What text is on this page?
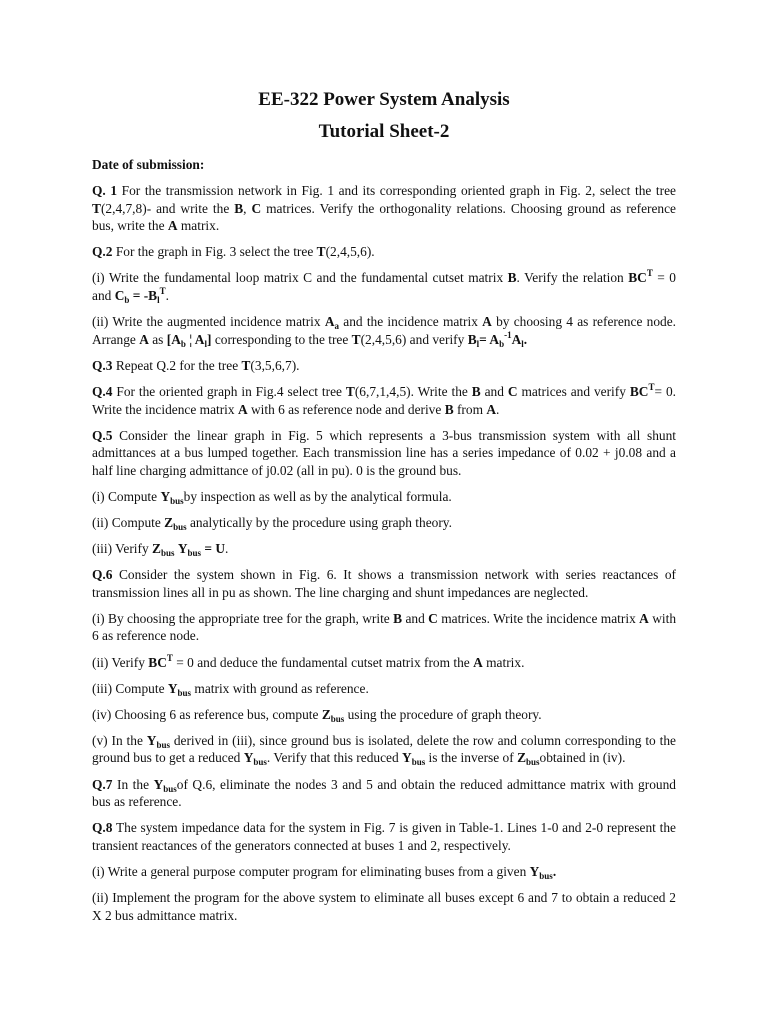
EE-322 Power System Analysis
Tutorial Sheet-2

Date of submission:

Q. 1 For the transmission network in Fig. 1 and its corresponding oriented graph in Fig. 2, select the tree T(2,4,7,8)- and write the B, C matrices. Verify the orthogonality relations. Choosing ground as reference bus, write the A matrix.

Q.2 For the graph in Fig. 3 select the tree T(2,4,5,6).

(i) Write the fundamental loop matrix C and the fundamental cutset matrix B. Verify the relation $BC^T = 0$ and $C_b = -B_l^T$.

(ii) Write the augmented incidence matrix $A_a$ and the incidence matrix A by choosing 4 as reference node. Arrange A as [$A_b$ ¦ $A_l$] corresponding to the tree T(2,4,5,6) and verify $B_l= A_b^{-1}A_l$.

Q.3 Repeat Q.2 for the tree T(3,5,6,7).

Q.4 For the oriented graph in Fig.4 select tree T(6,7,1,4,5). Write the B and C matrices and verify $BC^T= 0$. Write the incidence matrix A with 6 as reference node and derive B from A.

Q.5 Consider the linear graph in Fig. 5 which represents a 3-bus transmission system with all shunt admittances at a bus lumped together. Each transmission line has a series impedance of 0.02 + j0.08 and a half line charging admittance of j0.02 (all in pu). 0 is the ground bus.

(i) Compute $Y_{bus}by$ inspection as well as by the analytical formula.

(ii) Compute $Z_{bus}$ analytically by the procedure using graph theory.

(iii) Verify $Z_{bus}$ $Y_{bus} = U$.

Q.6 Consider the system shown in Fig. 6. It shows a transmission network with series reactances of transmission lines all in pu as shown. The line charging and shunt impedances are neglected.

(i) By choosing the appropriate tree for the graph, write B and C matrices. Write the incidence matrix A with 6 as reference node.

(ii) Verify $BC^T = 0$ and deduce the fundamental cutset matrix from the A matrix.

(iii) Compute $Y_{bus}$ matrix with ground as reference.

(iv) Choosing 6 as reference bus, compute $Z_{bus}$ using the procedure of graph theory.

(v) In the $Y_{bus}$ derived in (iii), since ground bus is isolated, delete the row and column corresponding to the ground bus to get a reduced $Y_{bus}$. Verify that this reduced $Y_{bus}$ is the inverse of $Z_{bus}obtained$ in (iv).

Q.7 In the $Y_{bus}of$ Q.6, eliminate the nodes 3 and 5 and obtain the reduced admittance matrix with ground bus as reference.

Q.8 The system impedance data for the system in Fig. 7 is given in Table-1. Lines 1-0 and 2-0 represent the transient reactances of the generators connected at buses 1 and 2, respectively.

(i) Write a general purpose computer program for eliminating buses from a given $Y_{bus}$.

(ii) Implement the program for the above system to eliminate all buses except 6 and 7 to obtain a reduced 2 X 2 bus admittance matrix.
